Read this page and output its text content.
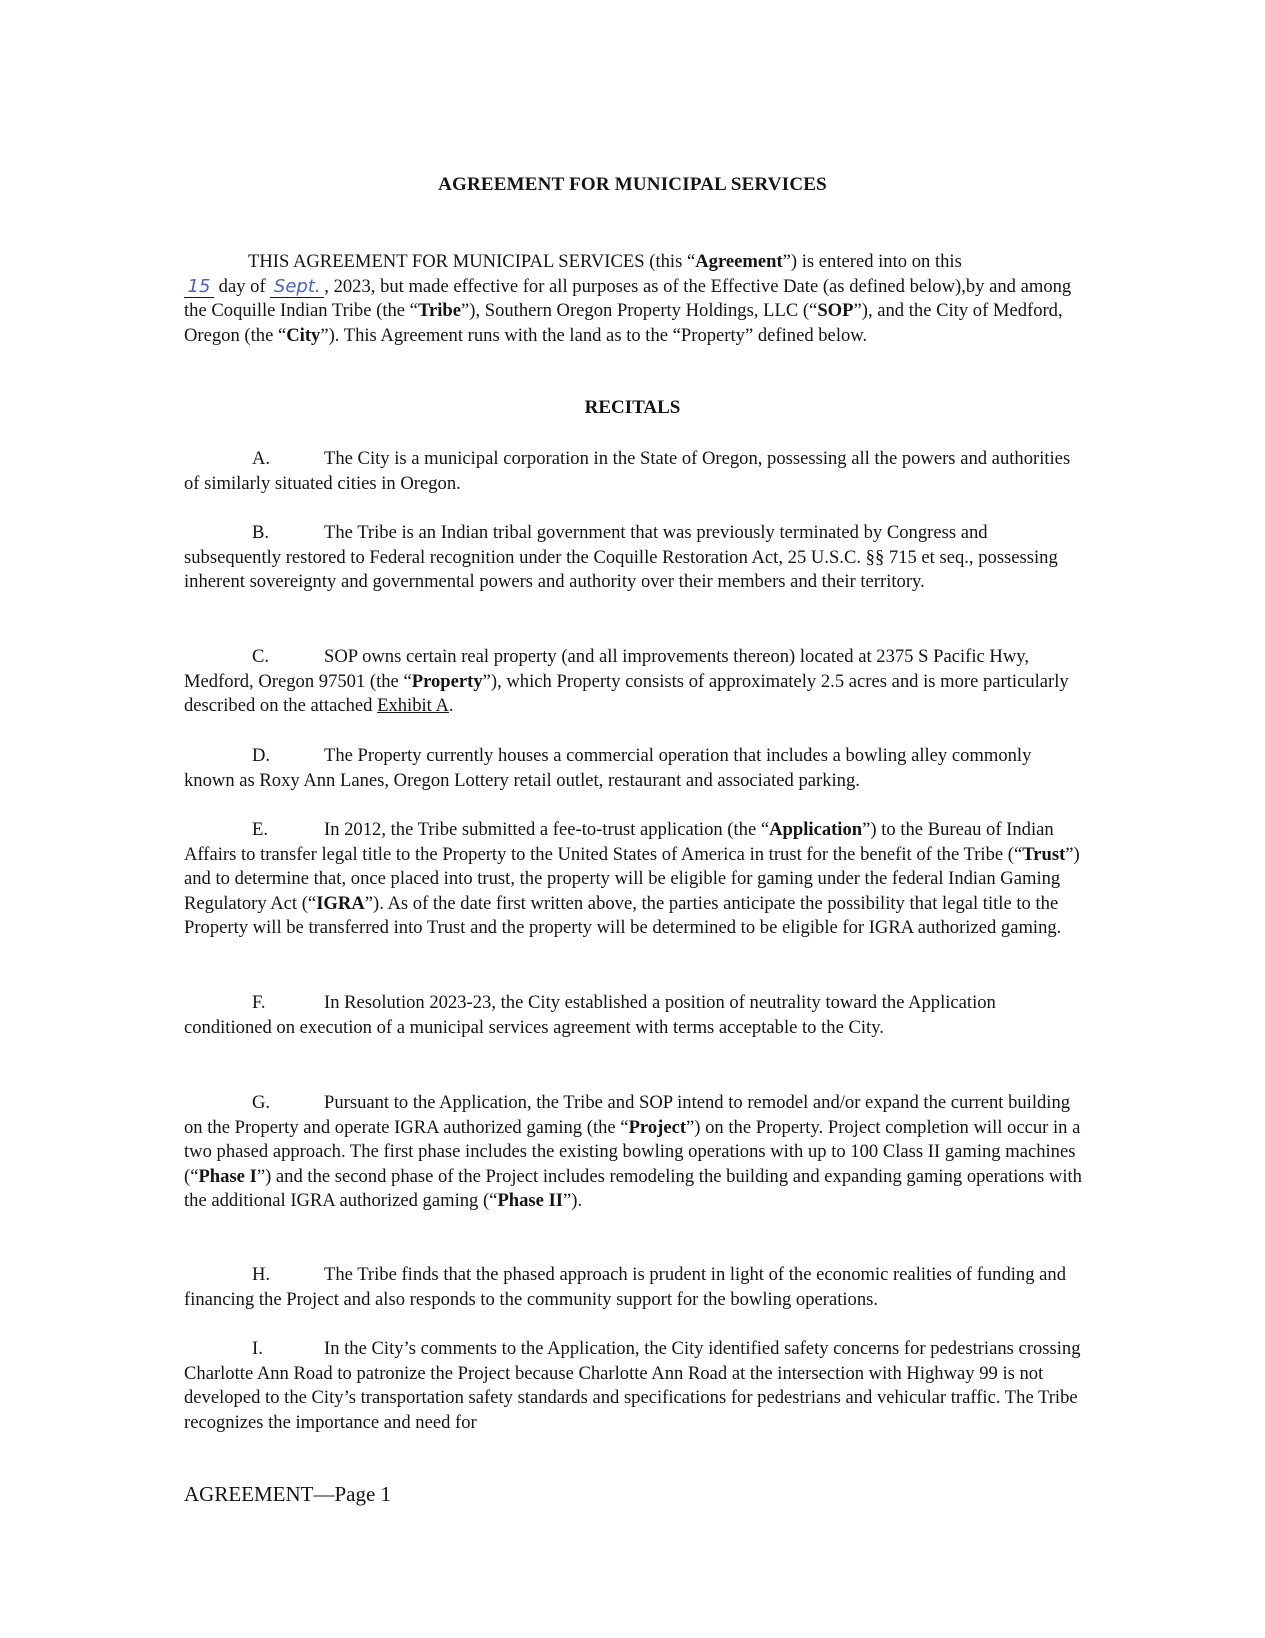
AGREEMENT FOR MUNICIPAL SERVICES
THIS AGREEMENT FOR MUNICIPAL SERVICES (this “Agreement”) is entered into on this
15 day of Sept. , 2023, but made effective for all purposes as of the Effective Date (as defined below),by and among the Coquille Indian Tribe (the “Tribe”), Southern Oregon Property Holdings, LLC (“SOP”), and the City of Medford, Oregon (the “City”). This Agreement runs with the land as to the “Property” defined below.
RECITALS

A.	The City is a municipal corporation in the State of Oregon, possessing all the powers and authorities of similarly situated cities in Oregon.

B.	The Tribe is an Indian tribal government that was previously terminated by Congress and subsequently restored to Federal recognition under the Coquille Restoration Act, 25 U.S.C. §§ 715 et seq., possessing inherent sovereignty and governmental powers and authority over their members and their territory.

C.	SOP owns certain real property (and all improvements thereon) located at 2375 S Pacific Hwy, Medford, Oregon 97501 (the “Property”), which Property consists of approximately 2.5 acres and is more particularly described on the attached Exhibit A.

D.	The Property currently houses a commercial operation that includes a bowling alley commonly known as Roxy Ann Lanes, Oregon Lottery retail outlet, restaurant and associated parking.

E.	In 2012, the Tribe submitted a fee-to-trust application (the “Application”) to the Bureau of Indian Affairs to transfer legal title to the Property to the United States of America in trust for the benefit of the Tribe (“Trust”) and to determine that, once placed into trust, the property will be eligible for gaming under the federal Indian Gaming Regulatory Act (“IGRA”). As of the date first written above, the parties anticipate the possibility that legal title to the Property will be transferred into Trust and the property will be determined to be eligible for IGRA authorized gaming.

F.	In Resolution 2023-23, the City established a position of neutrality toward the Application conditioned on execution of a municipal services agreement with terms acceptable to the City.

G.	Pursuant to the Application, the Tribe and SOP intend to remodel and/or expand the current building on the Property and operate IGRA authorized gaming (the “Project”) on the Property. Project completion will occur in a two phased approach. The first phase includes the existing bowling operations with up to 100 Class II gaming machines (“Phase I”) and the second phase of the Project includes remodeling the building and expanding gaming operations with the additional IGRA authorized gaming (“Phase II”).

H.	The Tribe finds that the phased approach is prudent in light of the economic realities of funding and financing the Project and also responds to the community support for the bowling operations.

I.	In the City’s comments to the Application, the City identified safety concerns for pedestrians crossing Charlotte Ann Road to patronize the Project because Charlotte Ann Road at the intersection with Highway 99 is not developed to the City’s transportation safety standards and specifications for pedestrians and vehicular traffic. The Tribe recognizes the importance and need for

AGREEMENT—Page 1
